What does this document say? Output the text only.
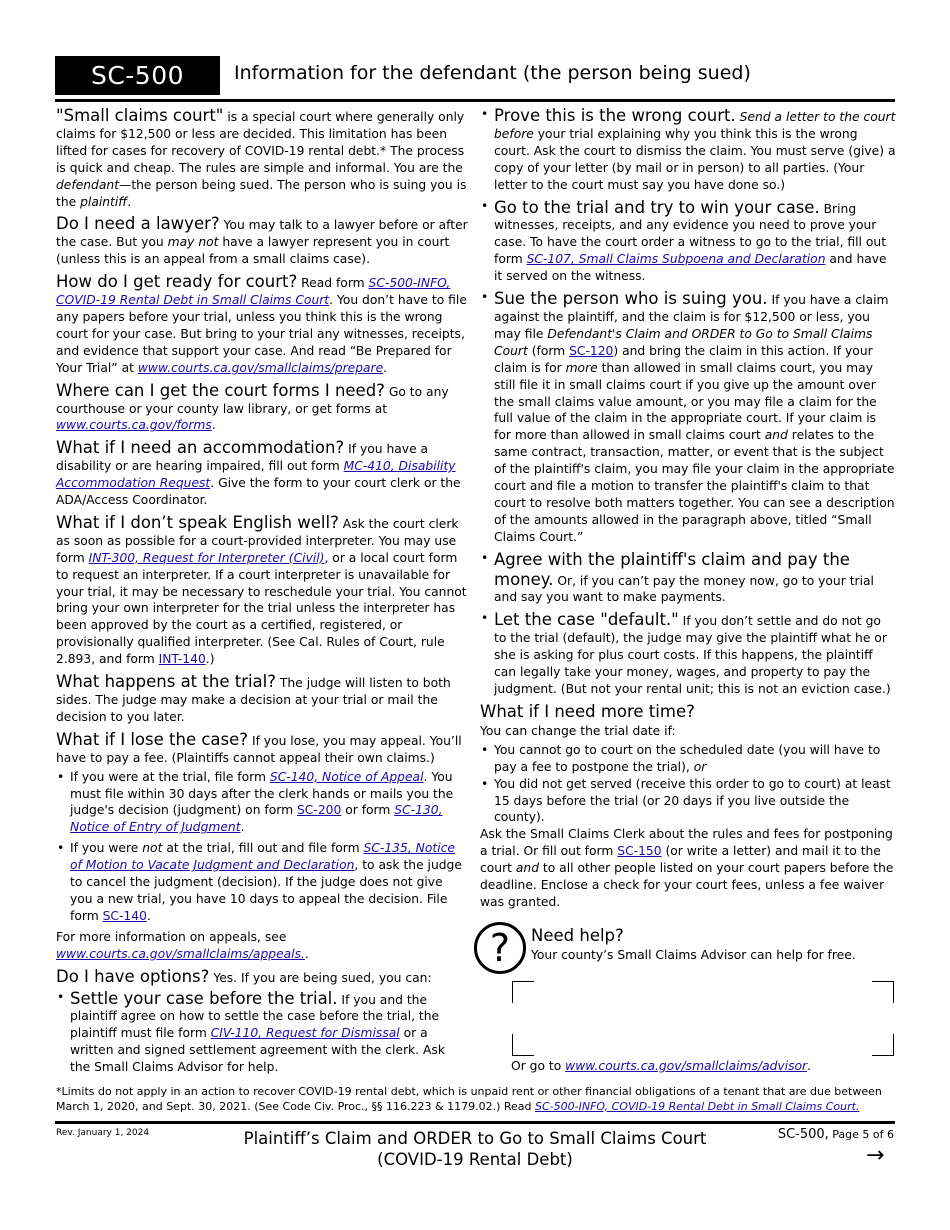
SC-500	Information for the defendant (the person being sued)

"Small claims court" is a special court where generally only claims for $12,500 or less are decided. This limitation has been lifted for cases for recovery of COVID-19 rental debt.* The process is quick and cheap. The rules are simple and informal. You are the defendant—the person being sued. The person who is suing you is the plaintiff.

Do I need a lawyer? You may talk to a lawyer before or after the case. But you may not have a lawyer represent you in court (unless this is an appeal from a small claims case).

How do I get ready for court? Read form SC-500-INFO, COVID-19 Rental Debt in Small Claims Court. You don’t have to file any papers before your trial, unless you think this is the wrong court for your case. But bring to your trial any witnesses, receipts, and evidence that support your case. And read “Be Prepared for Your Trial” at www.courts.ca.gov/smallclaims/prepare.

Where can I get the court forms I need? Go to any courthouse or your county law library, or get forms at www.courts.ca.gov/forms.

What if I need an accommodation? If you have a disability or are hearing impaired, fill out form MC-410, Disability Accommodation Request. Give the form to your court clerk or the ADA/Access Coordinator.

What if I don’t speak English well? Ask the court clerk as soon as possible for a court-provided interpreter. You may use form INT-300, Request for Interpreter (Civil), or a local court form to request an interpreter. If a court interpreter is unavailable for your trial, it may be necessary to reschedule your trial. You cannot bring your own interpreter for the trial unless the interpreter has been approved by the court as a certified, registered, or provisionally qualified interpreter. (See Cal. Rules of Court, rule 2.893, and form INT-140.)

What happens at the trial? The judge will listen to both sides. The judge may make a decision at your trial or mail the decision to you later.

What if I lose the case? If you lose, you may appeal. You’ll have to pay a fee. (Plaintiffs cannot appeal their own claims.)

• If you were at the trial, file form SC-140, Notice of Appeal. You must file within 30 days after the clerk hands or mails you the judge's decision (judgment) on form SC-200 or form SC-130, Notice of Entry of Judgment.
• If you were not at the trial, fill out and file form SC-135, Notice of Motion to Vacate Judgment and Declaration, to ask the judge to cancel the judgment (decision). If the judge does not give you a new trial, you have 10 days to appeal the decision. File form SC-140.

For more information on appeals, see www.courts.ca.gov/smallclaims/appeals..

Do I have options? Yes. If you are being sued, you can:

• Settle your case before the trial. If you and the plaintiff agree on how to settle the case before the trial, the plaintiff must file form CIV-110, Request for Dismissal or a written and signed settlement agreement with the clerk. Ask the Small Claims Advisor for help.
• Prove this is the wrong court. Send a letter to the court before your trial explaining why you think this is the wrong court. Ask the court to dismiss the claim. You must serve (give) a copy of your letter (by mail or in person) to all parties. (Your letter to the court must say you have done so.)
• Go to the trial and try to win your case. Bring witnesses, receipts, and any evidence you need to prove your case. To have the court order a witness to go to the trial, fill out form SC-107, Small Claims Subpoena and Declaration and have it served on the witness.
• Sue the person who is suing you. If you have a claim against the plaintiff, and the claim is for $12,500 or less, you may file Defendant's Claim and ORDER to Go to Small Claims Court (form SC-120) and bring the claim in this action. If your claim is for more than allowed in small claims court, you may still file it in small claims court if you give up the amount over the small claims value amount, or you may file a claim for the full value of the claim in the appropriate court. If your claim is for more than allowed in small claims court and relates to the same contract, transaction, matter, or event that is the subject of the plaintiff's claim, you may file your claim in the appropriate court and file a motion to transfer the plaintiff's claim to that court to resolve both matters together. You can see a description of the amounts allowed in the paragraph above, titled “Small Claims Court.”
• Agree with the plaintiff's claim and pay the money. Or, if you can’t pay the money now, go to your trial and say you want to make payments.
• Let the case "default." If you don’t settle and do not go to the trial (default), the judge may give the plaintiff what he or she is asking for plus court costs. If this happens, the plaintiff can legally take your money, wages, and property to pay the judgment. (But not your rental unit; this is not an eviction case.)

What if I need more time?

You can change the trial date if:

• You cannot go to court on the scheduled date (you will have to pay a fee to postpone the trial), or
• You did not get served (receive this order to go to court) at least 15 days before the trial (or 20 days if you live outside the county).

Ask the Small Claims Clerk about the rules and fees for postponing a trial. Or fill out form SC-150 (or write a letter) and mail it to the court and to all other people listed on your court papers before the deadline. Enclose a check for your court fees, unless a fee waiver was granted.

?	Need help?
Your county’s Small Claims Advisor can help for free.
Or go to www.courts.ca.gov/smallclaims/advisor.
*Limits do not apply in an action to recover COVID-19 rental debt, which is unpaid rent or other financial obligations of a tenant that are due between March 1, 2020, and Sept. 30, 2021. (See Code Civ. Proc., §§ 116.223 & 1179.02.) Read SC-500-INFO, COVID-19 Rental Debt in Small Claims Court.
Rev. January 1, 2024	Plaintiff’s Claim and ORDER to Go to Small Claims Court
(COVID-19 Rental Debt)
SC-500, Page 5 of 6
→
